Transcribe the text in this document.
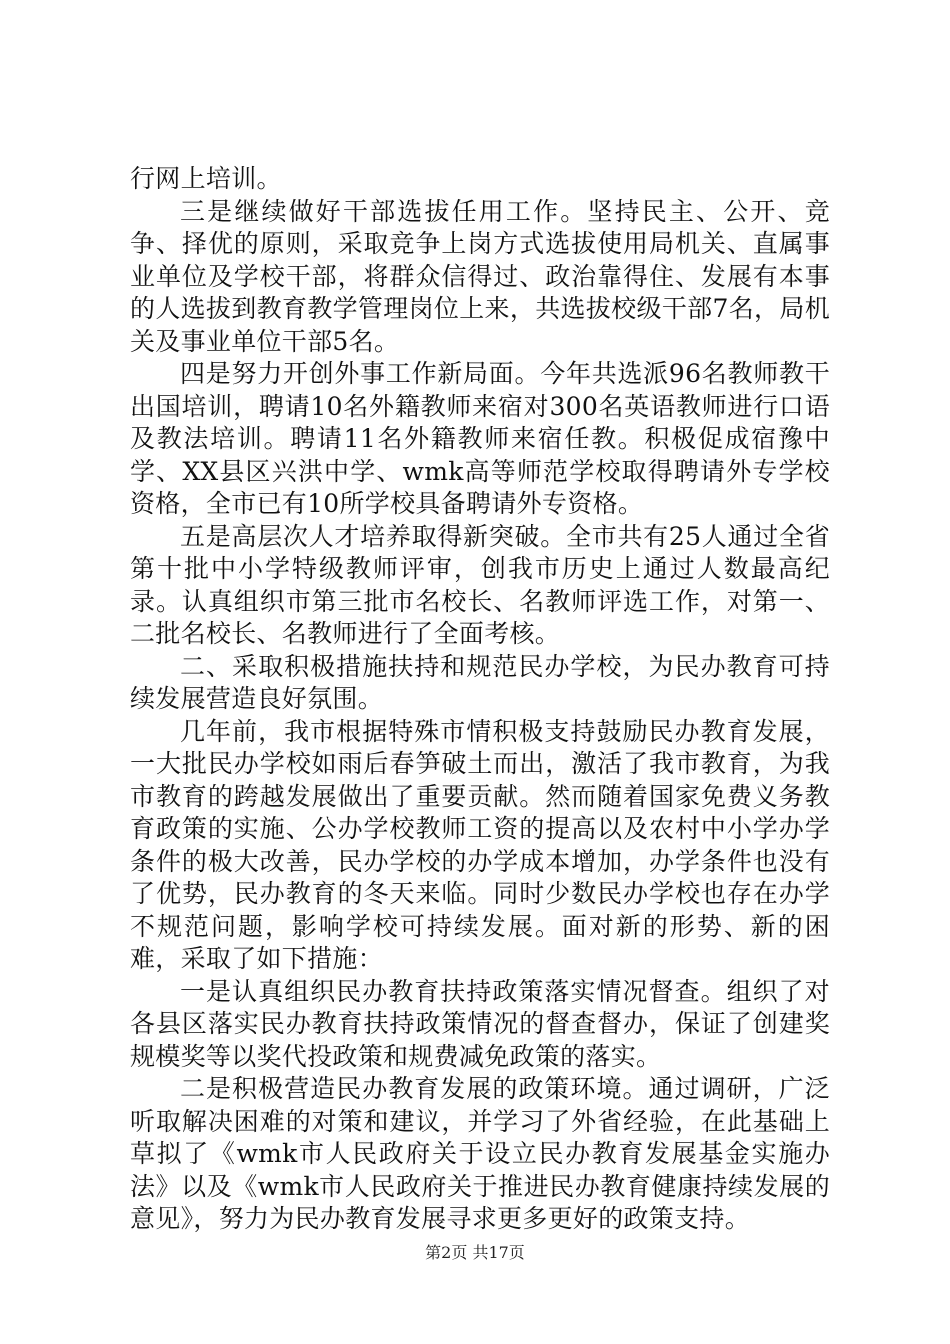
行网上培训。

三是继续做好干部选拔任用工作。坚持民主、公开、竞争、择优的原则，采取竞争上岗方式选拔使用局机关、直属事业单位及学校干部，将群众信得过、政治靠得住、发展有本事的人选拔到教育教学管理岗位上来，共选拔校级干部7名，局机关及事业单位干部5名。

四是努力开创外事工作新局面。今年共选派96名教师教干出国培训，聘请10名外籍教师来宿对300名英语教师进行口语及教法培训。聘请11名外籍教师来宿任教。积极促成宿豫中学、XX县区兴洪中学、wmk高等师范学校取得聘请外专学校资格，全市已有10所学校具备聘请外专资格。

五是高层次人才培养取得新突破。全市共有25人通过全省第十批中小学特级教师评审，创我市历史上通过人数最高纪录。认真组织市第三批市名校长、名教师评选工作，对第一、二批名校长、名教师进行了全面考核。

二、采取积极措施扶持和规范民办学校，为民办教育可持续发展营造良好氛围。

几年前，我市根据特殊市情积极支持鼓励民办教育发展，一大批民办学校如雨后春笋破土而出，激活了我市教育，为我市教育的跨越发展做出了重要贡献。然而随着国家免费义务教育政策的实施、公办学校教师工资的提高以及农村中小学办学条件的极大改善，民办学校的办学成本增加，办学条件也没有了优势，民办教育的冬天来临。同时少数民办学校也存在办学不规范问题，影响学校可持续发展。面对新的形势、新的困难，采取了如下措施：

一是认真组织民办教育扶持政策落实情况督查。组织了对各县区落实民办教育扶持政策情况的督查督办，保证了创建奖规模奖等以奖代投政策和规费减免政策的落实。

二是积极营造民办教育发展的政策环境。通过调研，广泛听取解决困难的对策和建议，并学习了外省经验，在此基础上草拟了《wmk市人民政府关于设立民办教育发展基金实施办法》以及《wmk市人民政府关于推进民办教育健康持续发展的意见》，努力为民办教育发展寻求更多更好的政策支持。

第2页 共17页
